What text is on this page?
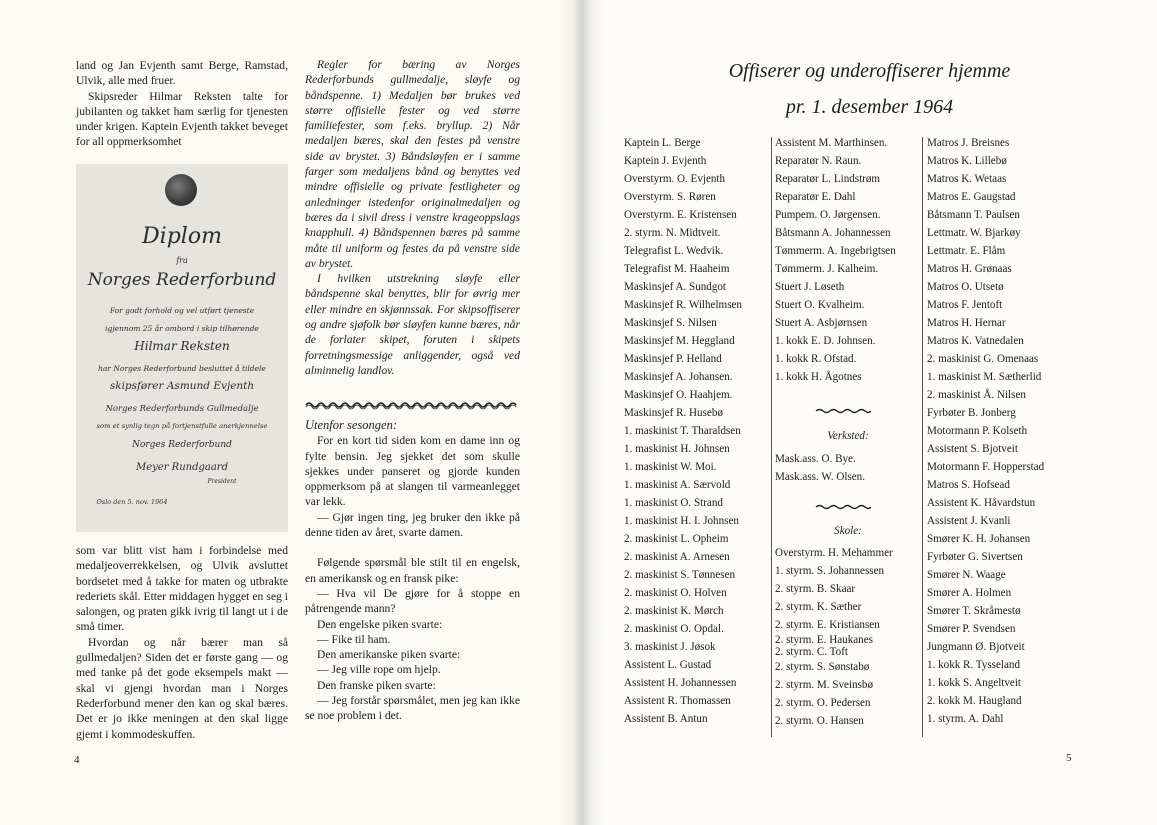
land og Jan Evjenth samt Berge, Ramstad, Ulvik, alle med fruer.

Skipsreder Hilmar Reksten talte for jubilanten og takket ham særlig for tjenesten under krigen. Kaptein Evjenth takket beveget for all oppmerksomhet

Diplom
fra
Norges Rederforbund
For godt forhold og vel utført tjeneste
igjennom 25 år ombord i skip tilhørende
Hilmar Reksten
har Norges Rederforbund besluttet å tildele
skipsfører Asmund Evjenth
Norges Rederforbunds Gullmedalje
som et synlig tegn på fortjenstfulle anerkjennelse
Norges Rederforbund
Meyer Rundgaard
President
Oslo den 5. nov. 1964

som var blitt vist ham i forbindelse med medaljeoverrekkelsen, og Ulvik avsluttet bordsetet med å takke for maten og utbrakte rederiets skål. Etter middagen hygget en seg i salongen, og praten gikk ivrig til langt ut i de små timer.

Hvordan og når bærer man så gullmedaljen? Siden det er første gang — og med tanke på det gode eksempels makt — skal vi gjengi hvordan man i Norges Rederforbund mener den kan og skal bæres. Det er jo ikke meningen at den skal ligge gjemt i kommodeskuffen.

Regler for bæring av Norges Rederforbunds gullmedalje, sløyfe og båndspenne. 1) Medaljen bør brukes ved større offisielle fester og ved større familiefester, som f.eks. bryllup. 2) Når medaljen bæres, skal den festes på venstre side av brystet. 3) Båndsløyfen er i samme farger som medaljens bånd og benyttes ved mindre offisielle og private festligheter og anledninger istedenfor originalmedaljen og bæres da i sivil dress i venstre krageoppslags knapphull. 4) Båndspennen bæres på samme måte til uniform og festes da på venstre side av brystet.

I hvilken utstrekning sløyfe eller båndspenne skal benyttes, blir for øvrig mer eller mindre en skjønnssak. For skipsoffiserer og andre sjøfolk bør sløyfen kunne bæres, når de forlater skipet, foruten i skipets forretningsmessige anliggender, også ved alminnelig landlov.

Utenfor sesongen:

For en kort tid siden kom en dame inn og fylte bensin. Jeg sjekket det som skulle sjekkes under panseret og gjorde kunden oppmerksom på at slangen til varmeanlegget var lekk.

— Gjør ingen ting, jeg bruker den ikke på denne tiden av året, svarte damen.

Følgende spørsmål ble stilt til en engelsk, en amerikansk og en fransk pike:

— Hva vil De gjøre for å stoppe en påtrengende mann?

Den engelske piken svarte:

— Fike til ham.

Den amerikanske piken svarte:

— Jeg ville rope om hjelp.

Den franske piken svarte:

— Jeg forstår spørsmålet, men jeg kan ikke se noe problem i det.

4
Offiserer og underoffiserer hjemme
pr. 1. desember 1964
Kaptein L. Berge
Kaptein J. Evjenth
Overstyrm. O. Evjenth
Overstyrm. S. Røren
Overstyrm. E. Kristensen
2. styrm. N. Midtveit.
Telegrafist L. Wedvik.
Telegrafist M. Haaheim
Maskinsjef A. Sundgot
Maskinsjef R. Wilhelmsen
Maskinsjef S. Nilsen
Maskinsjef M. Heggland
Maskinsjef P. Helland
Maskinsjef A. Johansen.
Maskinsjef O. Haahjem.
Maskinsjef R. Husebø
1. maskinist T. Tharaldsen
1. maskinist H. Johnsen
1. maskinist W. Moi.
1. maskinist A. Særvold
1. maskinist O. Strand
1. maskinist H. I. Johnsen
2. maskinist L. Opheim
2. maskinist A. Arnesen
2. maskinist S. Tønnesen
2. maskinist O. Holven
2. maskinist K. Mørch
2. maskinist O. Opdal.
3. maskinist J. Jøsok
Assistent L. Gustad
Assistent H. Johannessen
Assistent R. Thomassen
Assistent B. Antun
Assistent M. Marthinsen.
Reparatør N. Raun.
Reparatør L. Lindstrøm
Reparatør E. Dahl
Pumpem. O. Jørgensen.
Båtsmann A. Johannessen
Tømmerm. A. Ingebrigtsen
Tømmerm. J. Kalheim.
Stuert J. Løseth
Stuert O. Kvalheim.
Stuert A. Asbjørnsen
1. kokk E. D. Johnsen.
1. kokk R. Ofstad.
1. kokk H. Ågotnes
Verksted:
Mask.ass. O. Bye.
Mask.ass. W. Olsen.
Skole:
Overstyrm. H. Mehammer
1. styrm. S. Johannessen
2. styrm. B. Skaar
2. styrm. K. Sæther
2. styrm. E. Kristiansen
2. styrm. E. Haukanes
2. styrm. C. Toft
2. styrm. S. Sønstabø
2. styrm. M. Sveinsbø
2. styrm. O. Pedersen
2. styrm. O. Hansen
Matros J. Breisnes
Matros K. Lillebø
Matros K. Wetaas
Matros E. Gaugstad
Båtsmann T. Paulsen
Lettmatr. W. Bjarkøy
Lettmatr. E. Flåm
Matros H. Grønaas
Matros O. Utsetø
Matros F. Jentoft
Matros H. Hernar
Matros K. Vatnedalen
2. maskinist G. Omenaas
1. maskinist M. Sætherlid
2. maskinist Å. Nilsen
Fyrbøter B. Jonberg
Motormann P. Kolseth
Assistent S. Bjotveit
Motormann F. Hopperstad
Matros S. Hofsead
Assistent K. Håvardstun
Assistent J. Kvanli
Smører K. H. Johansen
Fyrbøter G. Sivertsen
Smører N. Waage
Smører A. Holmen
Smører T. Skråmestø
Smører P. Svendsen
Jungmann Ø. Bjotveit
1. kokk R. Tysseland
1. kokk S. Angeltveit
2. kokk M. Haugland
1. styrm. A. Dahl
5
